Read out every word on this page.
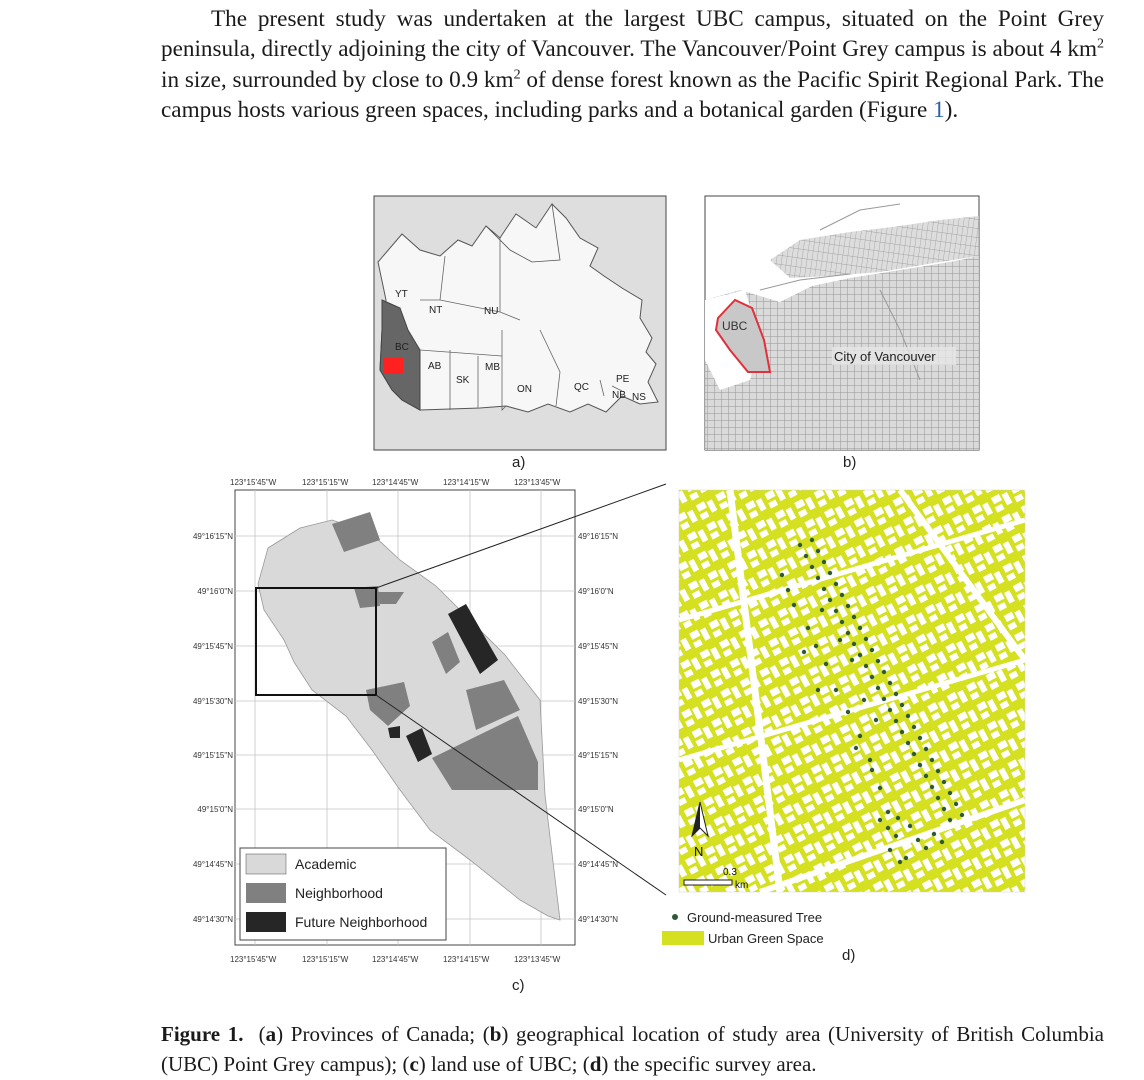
The present study was undertaken at the largest UBC campus, situated on the Point Grey peninsula, directly adjoining the city of Vancouver. The Vancouver/Point Grey campus is about 4 $km^2$ in size, surrounded by close to 0.9 $km^2$ of dense forest known as the Pacific Spirit Regional Park. The campus hosts various green spaces, including parks and a botanical garden (Figure 1).

YT
NT	NU
BC
AB
SK
MB
ON	QC
PE
NB NS
a)
UBC
City of Vancouver
b)
Academic
Neighborhood
Future Neighborhood
123°15'45"W	123°15'15"W	123°14'45"W	123°14'15"W	123°13'45"W
123°15'45"W	123°15'15"W	123°14'45"W	123°14'15"W	123°13'45"W
49°16'15"N
49°16'0"N
49°15'45"N
49°15'30"N
49°15'15"N
49°15'0"N
49°14'45"N
49°14'30"N
49°16'15"N
49°16'0"N
49°15'45"N
49°15'30"N
49°15'15"N
49°15'0"N
49°14'45"N
49°14'30"N
c)
N
0.3
km
Ground-measured Tree
Urban Green Space
d)
Figure 1.  (a) Provinces of Canada; (b) geographical location of study area (University of British Columbia (UBC) Point Grey campus); (c) land use of UBC; (d) the specific survey area.
